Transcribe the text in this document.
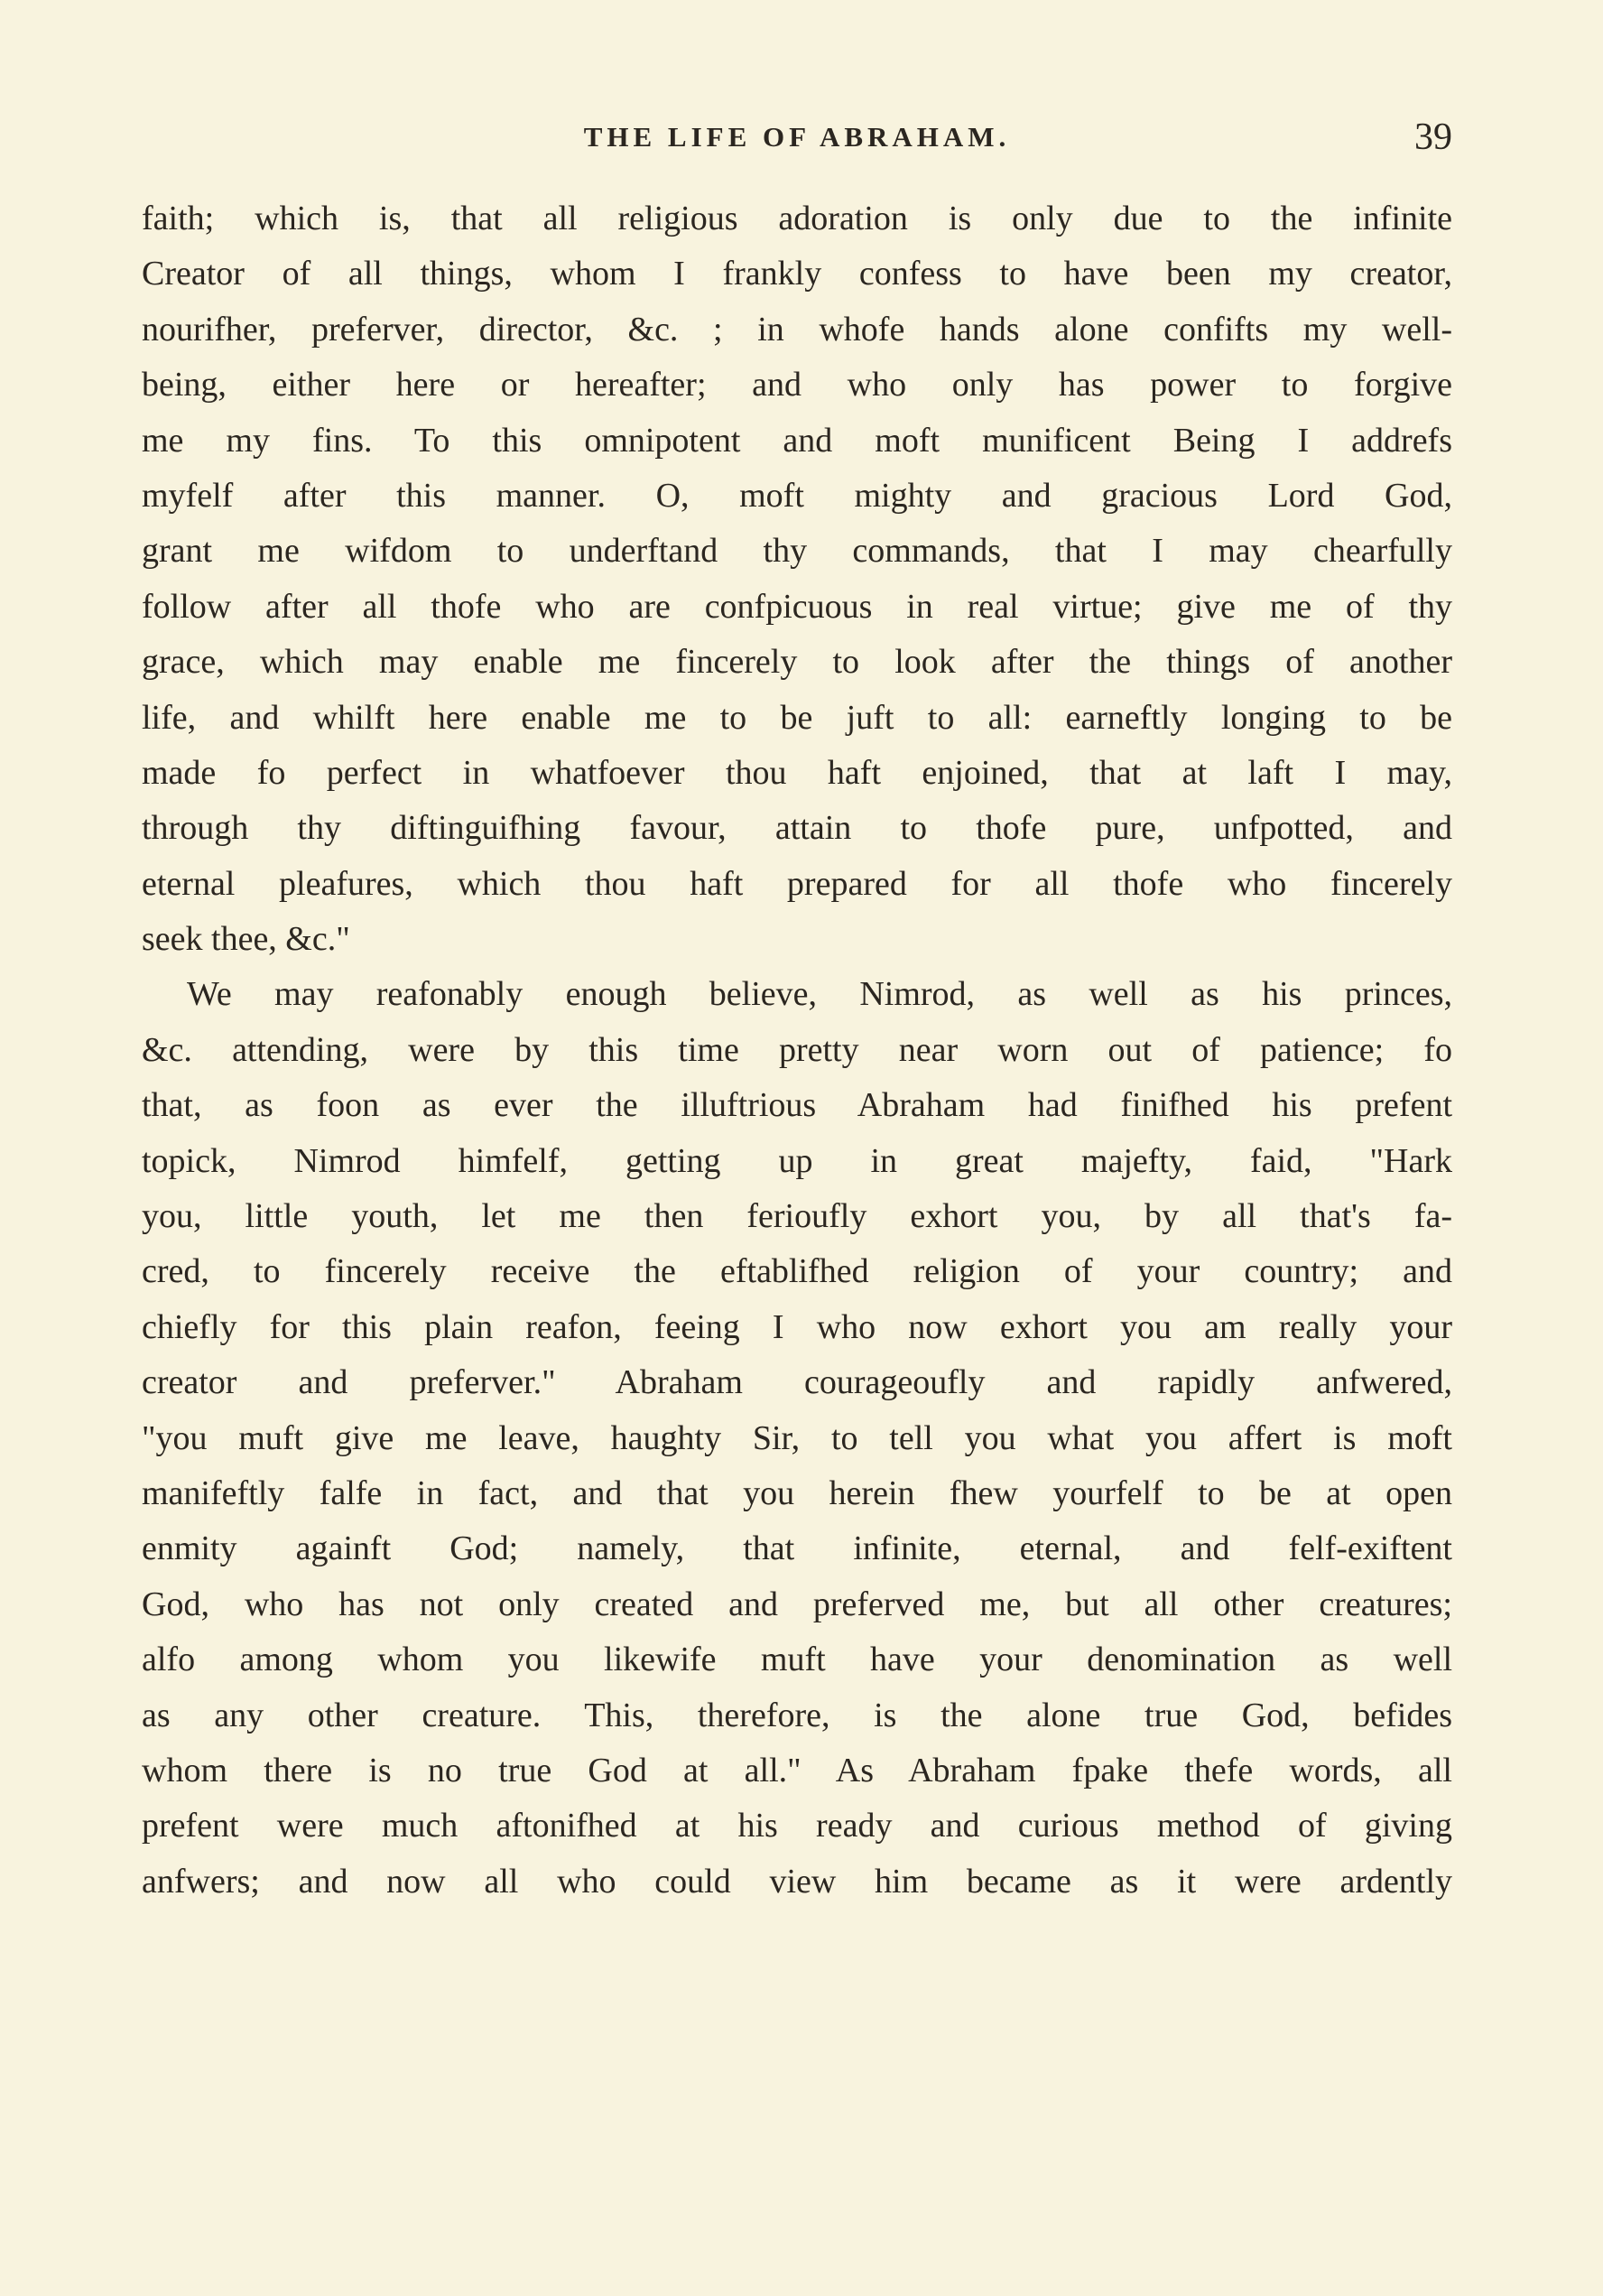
THE LIFE OF ABRAHAM.	39
faith; which is, that all religious adoration is only due to the infinite
Creator of all things, whom I frankly confess to have been my creator,
nourifher, preferver, director, &c. ; in whofe hands alone confifts my well-
being, either here or hereafter; and who only has power to forgive
me my fins. To this omnipotent and moft munificent Being I addrefs
myfelf after this manner. O, moft mighty and gracious Lord God,
grant me wifdom to underftand thy commands, that I may chearfully
follow after all thofe who are confpicuous in real virtue; give me of thy
grace, which may enable me fincerely to look after the things of another
life, and whilft here enable me to be juft to all: earneftly longing to be
made fo perfect in whatfoever thou haft enjoined, that at laft I may,
through thy diftinguifhing favour, attain to thofe pure, unfpotted, and
eternal pleafures, which thou haft prepared for all thofe who fincerely
seek thee, &c."
We may reafonably enough believe, Nimrod, as well as his princes,
&c. attending, were by this time pretty near worn out of patience; fo
that, as foon as ever the illuftrious Abraham had finifhed his prefent
topick, Nimrod himfelf, getting up in great majefty, faid, "Hark
you, little youth, let me then ferioufly exhort you, by all that's fa-
cred, to fincerely receive the eftablifhed religion of your country; and
chiefly for this plain reafon, feeing I who now exhort you am really your
creator and preferver." Abraham courageoufly and rapidly anfwered,
"you muft give me leave, haughty Sir, to tell you what you affert is moft
manifeftly falfe in fact, and that you herein fhew yourfelf to be at open
enmity againft God; namely, that infinite, eternal, and felf-exiftent
God, who has not only created and preferved me, but all other creatures;
alfo among whom you likewife muft have your denomination as well
as any other creature. This, therefore, is the alone true God, befides
whom there is no true God at all." As Abraham fpake thefe words, all
prefent were much aftonifhed at his ready and curious method of giving
anfwers; and now all who could view him became as it were ardently
